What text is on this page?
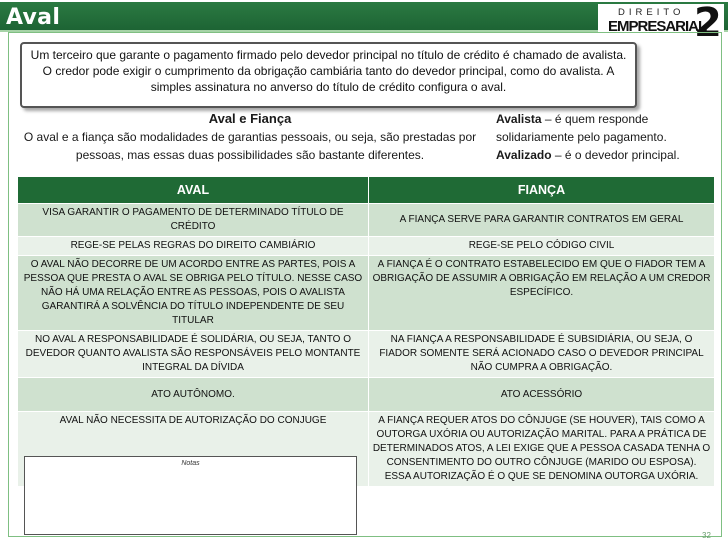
Aval	DIREITO
EMPRESARIAL
2
Um terceiro que garante o pagamento firmado pelo devedor principal no título de crédito é chamado de avalista. O credor pode exigir o cumprimento da obrigação cambiária tanto do devedor principal, como do avalista. A simples assinatura no anverso do título de crédito configura o aval.
Aval e Fiança
O aval e a fiança são modalidades de garantias pessoais, ou seja, são prestadas por pessoas, mas essas duas possibilidades são bastante diferentes.
Avalista – é quem responde solidariamente pelo pagamento.
Avalizado – é o devedor principal.
AVAL	FIANÇA
VISA GARANTIR O PAGAMENTO DE DETERMINADO TÍTULO DE CRÉDITO	A FIANÇA SERVE PARA GARANTIR CONTRATOS EM GERAL
REGE-SE PELAS REGRAS DO DIREITO CAMBIÁRIO	REGE-SE PELO CÓDIGO CIVIL
O AVAL NÃO DECORRE DE UM ACORDO ENTRE AS PARTES, POIS A PESSOA QUE PRESTA O AVAL SE OBRIGA PELO TÍTULO. NESSE CASO NÃO HÁ UMA RELAÇÃO ENTRE AS PESSOAS, POIS O AVALISTA GARANTIRÁ A SOLVÊNCIA DO TÍTULO INDEPENDENTE DE SEU TITULAR	A FIANÇA É O CONTRATO ESTABELECIDO EM QUE O FIADOR TEM A OBRIGAÇÃO DE ASSUMIR A OBRIGAÇÃO EM RELAÇÃO A UM CREDOR ESPECÍFICO.
NO AVAL A RESPONSABILIDADE É SOLIDÁRIA, OU SEJA, TANTO O DEVEDOR QUANTO AVALISTA SÃO RESPONSÁVEIS PELO MONTANTE INTEGRAL DA DÍVIDA	NA FIANÇA A RESPONSABILIDADE É SUBSIDIÁRIA, OU SEJA, O FIADOR SOMENTE SERÁ ACIONADO CASO O DEVEDOR PRINCIPAL NÃO CUMPRA A OBRIGAÇÃO.
ATO AUTÔNOMO.	ATO ACESSÓRIO
AVAL NÃO NECESSITA DE AUTORIZAÇÃO DO CONJUGE	A FIANÇA REQUER ATOS DO CÔNJUGE (SE HOUVER), TAIS COMO A OUTORGA UXÓRIA OU AUTORIZAÇÃO MARITAL. PARA A PRÁTICA DE DETERMINADOS ATOS, A LEI EXIGE QUE A PESSOA CASADA TENHA O CONSENTIMENTO DO OUTRO CÔNJUGE (MARIDO OU ESPOSA). ESSA AUTORIZAÇÃO É O QUE SE DENOMINA OUTORGA UXÓRIA.
Notas
32
